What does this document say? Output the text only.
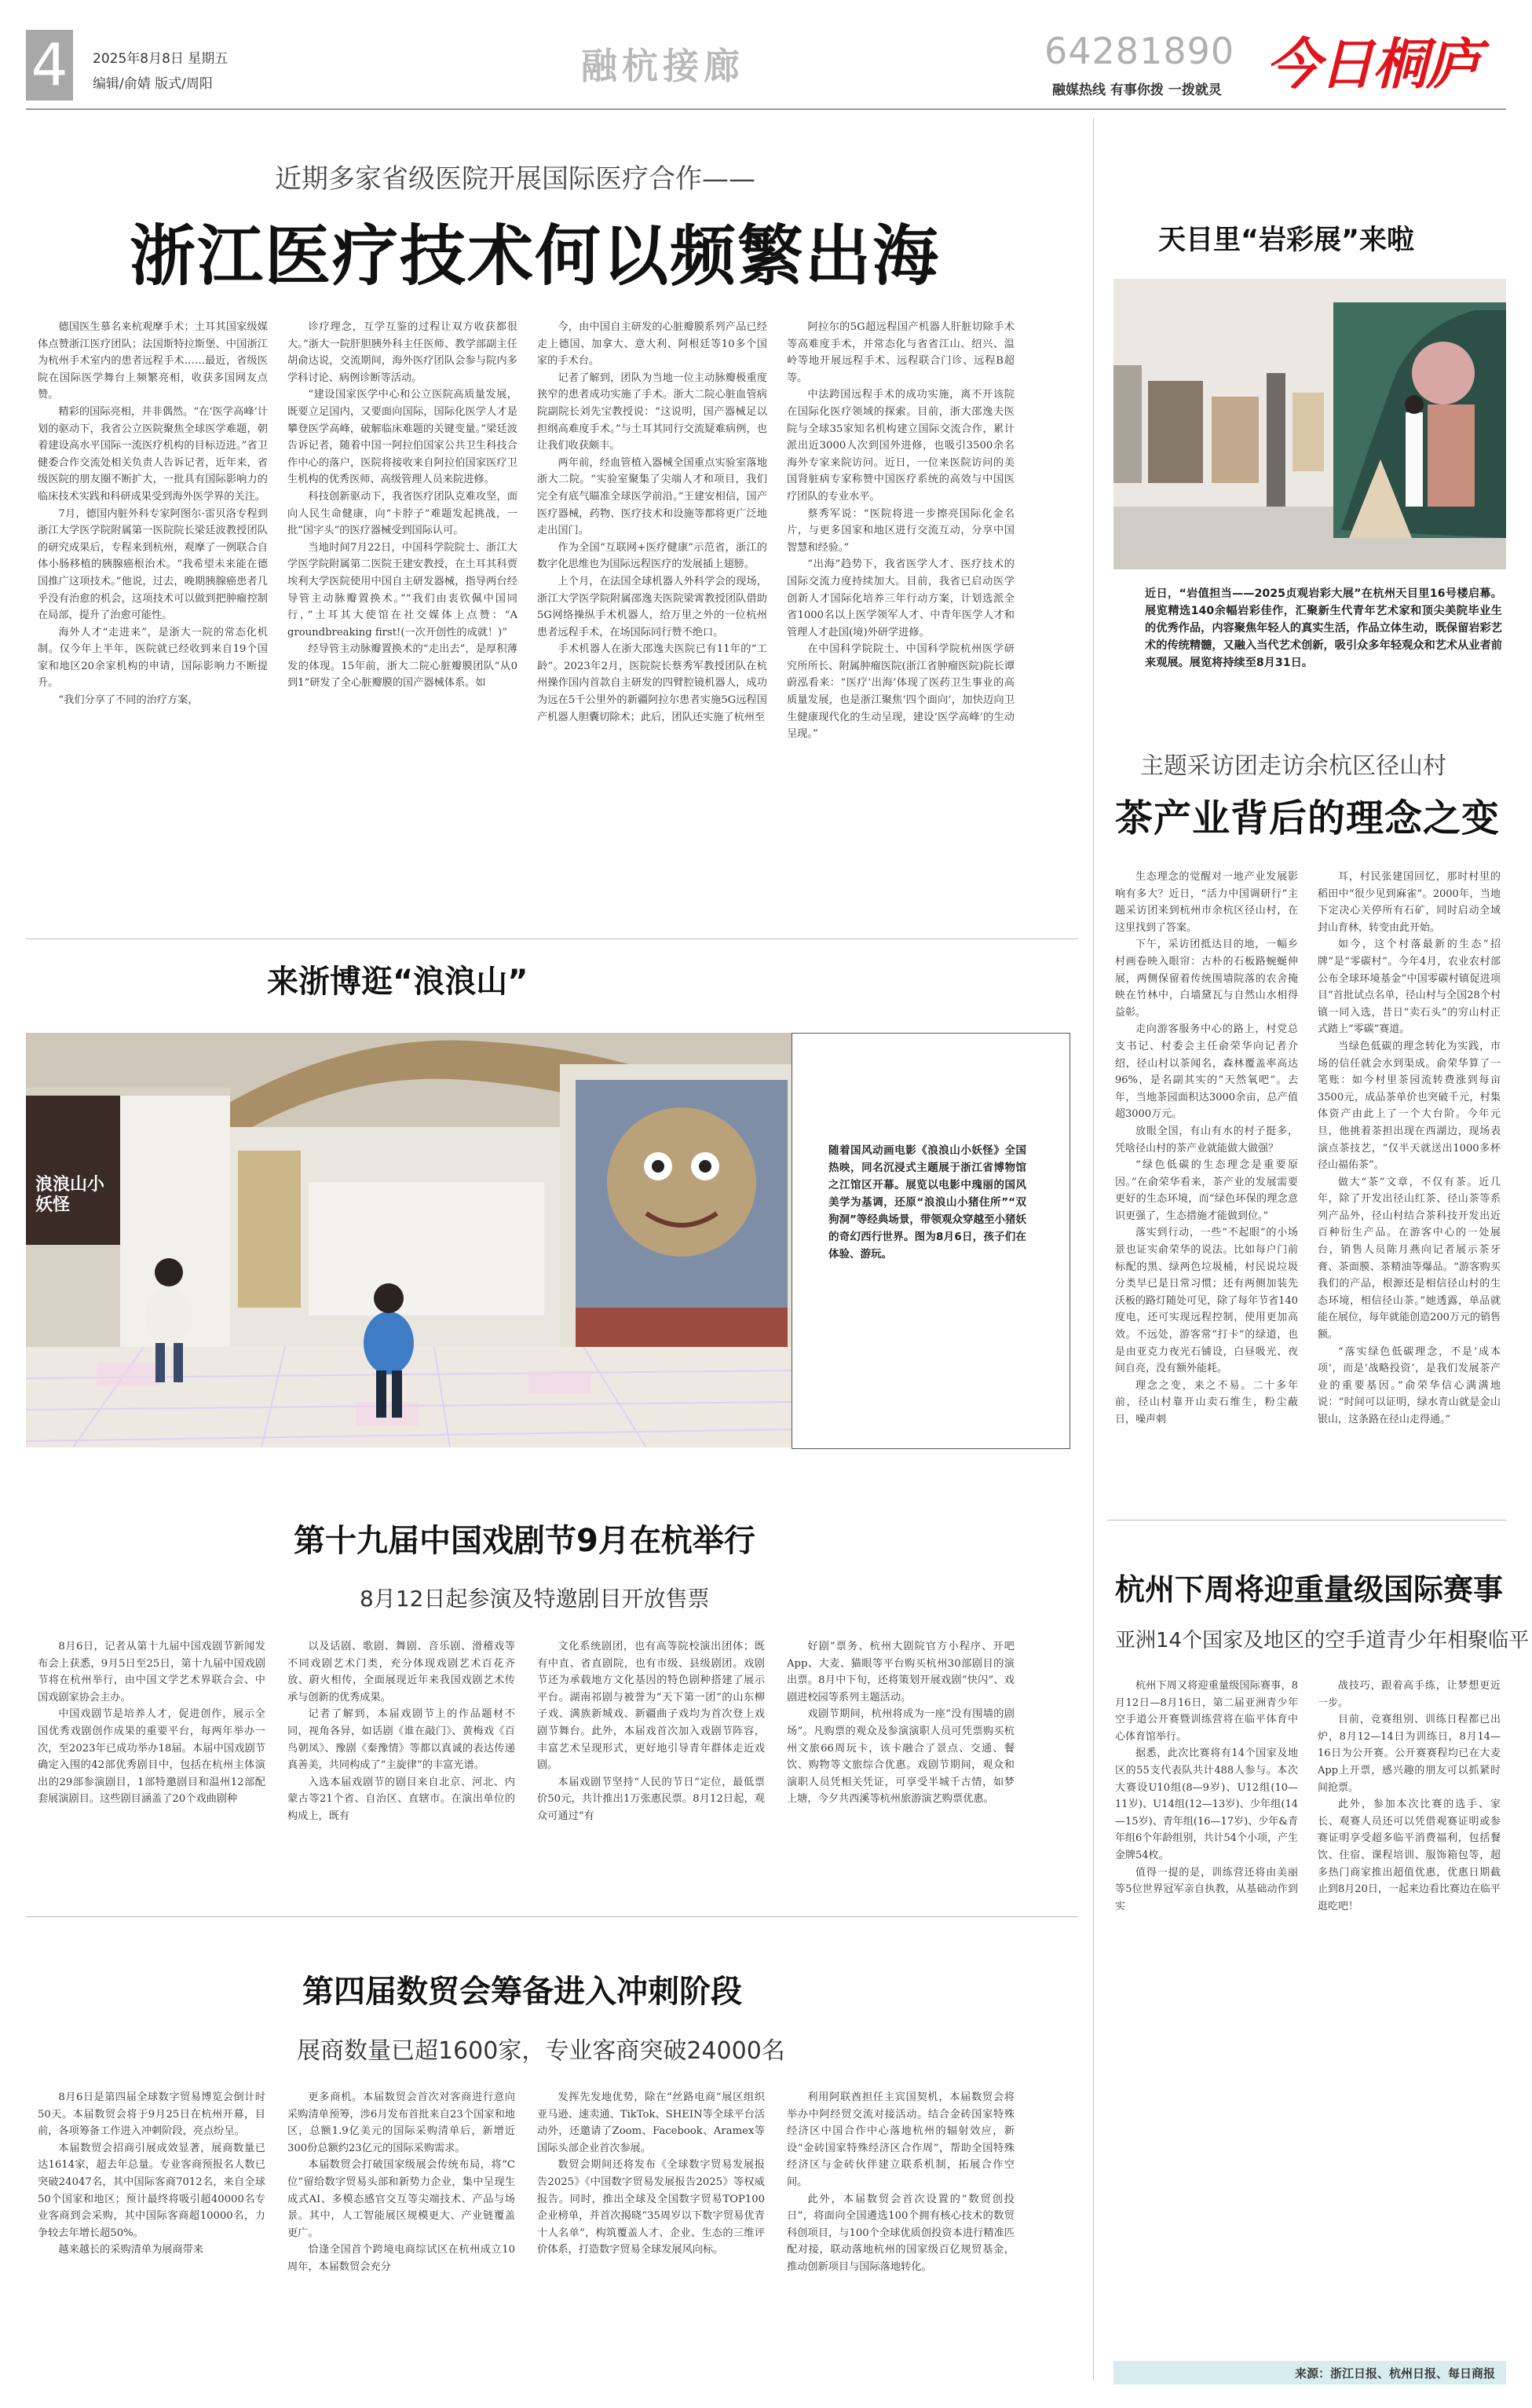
4	2025年8月8日 星期五
编辑/俞婧 版式/周阳	融杭接廊	64281890
融媒热线 有事你拨 一拨就灵 今日桐庐
近期多家省级医院开展国际医疗合作——
浙江医疗技术何以频繁出海

德国医生慕名来杭观摩手术；土耳其国家级媒体点赞浙江医疗团队；法国斯特拉斯堡、中国浙江为杭州手术室内的患者远程手术……最近，省级医院在国际医学舞台上频繁亮相，收获多国网友点赞。

精彩的国际亮相，并非偶然。“在‘医学高峰’计划的驱动下，我省公立医院聚焦全球医学难题，朝着建设高水平国际一流医疗机构的目标迈进。”省卫健委合作交流处相关负责人告诉记者，近年来，省级医院的朋友圈不断扩大，一批具有国际影响力的临床技术实践和科研成果受到海外医学界的关注。

7月，德国内脏外科专家阿图尔·雷贝洛专程到浙江大学医学院附属第一医院院长梁廷波教授团队的研究成果后，专程来到杭州，观摩了一例联合自体小肠移植的胰腺癌根治术。“我希望未来能在德国推广这项技术。”他说，过去，晚期胰腺癌患者几乎没有治愈的机会，这项技术可以做到把肿瘤控制在局部，提升了治愈可能性。

海外人才“走进来”，是浙大一院的常态化机制。仅今年上半年，医院就已经收到来自19个国家和地区20余家机构的申请，国际影响力不断提升。

“我们分享了不同的治疗方案，

诊疗理念，互学互鉴的过程让双方收获都很大。”浙大一院肝胆胰外科主任医师、教学部副主任胡俞达说，交流期间，海外医疗团队会参与院内多学科讨论、病例诊断等活动。

“建设国家医学中心和公立医院高质量发展，既要立足国内，又要面向国际，国际化医学人才是攀登医学高峰，破解临床难题的关键变量。”梁廷波告诉记者，随着中国一阿拉伯国家公共卫生科技合作中心的落户，医院将接收来自阿拉伯国家医疗卫生机构的优秀医师、高级管理人员来院进修。

科技创新驱动下，我省医疗团队克难攻坚，面向人民生命健康，向“卡脖子”难题发起挑战，一批“国字头”的医疗器械受到国际认可。

当地时间7月22日，中国科学院院士、浙江大学医学院附属第二医院王建安教授，在土耳其科贾埃利大学医院使用中国自主研发器械，指导两台经导管主动脉瓣置换术。”“我们由衷钦佩中国同行，”土耳其大使馆在社交媒体上点赞：“A groundbreaking first!(一次开创性的成就！)”

经导管主动脉瓣置换术的“走出去”，是厚积薄发的体现。15年前，浙大二院心脏瓣膜团队“从0到1”研发了全心脏瓣膜的国产器械体系。如

今，由中国自主研发的心脏瓣膜系列产品已经走上德国、加拿大、意大利、阿根廷等10多个国家的手术台。

记者了解到，团队为当地一位主动脉瓣极重度狭窄的患者成功实施了手术。浙大二院心脏血管病院副院长刘先宝教授说：“这说明，国产器械足以担纲高难度手术。”与土耳其同行交流疑难病例，也让我们收获颇丰。

两年前，经血管植入器械全国重点实验室落地浙大二院。“实验室聚集了尖端人才和项目，我们完全有底气瞄准全球医学前沿。”王建安相信，国产医疗器械，药物、医疗技术和设施等都将更广泛地走出国门。

作为全国“互联网+医疗健康”示范省，浙江的数字化思维也为国际远程医疗的发展插上翅膀。

上个月，在法国全球机器人外科学会的现场，浙江大学医学院附属邵逸夫医院梁霄教授团队借助5G网络操纵手术机器人，给万里之外的一位杭州患者远程手术，在场国际同行赞不绝口。

手术机器人在浙大邵逸夫医院已有11年的“工龄”。2023年2月，医院院长蔡秀军教授团队在杭州操作国内首款自主研发的四臂腔镜机器人，成功为远在5千公里外的新疆阿拉尔患者实施5G远程国产机器人胆囊切除术；此后，团队还实施了杭州至

阿拉尔的5G超远程国产机器人肝脏切除手术等高难度手术，并常态化与省省江山、绍兴、温岭等地开展远程手术、远程联合门诊、远程B超等。

中法跨国远程手术的成功实施，离不开该院在国际化医疗领域的探索。目前，浙大邵逸夫医院与全球35家知名机构建立国际交流合作，累计派出近3000人次到国外进修，也吸引3500余名海外专家来院访问。近日，一位来医院访问的美国肾脏病专家称赞中国医疗系统的高效与中国医疗团队的专业水平。

蔡秀军说：“医院将进一步擦亮国际化金名片，与更多国家和地区进行交流互动，分享中国智慧和经验。”

“出海”趋势下，我省医学人才、医疗技术的国际交流力度持续加大。目前，我省已启动医学创新人才国际化培养三年行动方案，计划选派全省1000名以上医学领军人才、中青年医学人才和管理人才赴国(境)外研学进修。

在中国科学院院士、中国科学院杭州医学研究所所长、附属肿瘤医院(浙江省肿瘤医院)院长谭蔚泓看来：“医疗‘出海’体现了医药卫生事业的高质量发展，也是浙江聚焦‘四个面向’，加快迈向卫生健康现代化的生动呈现，建设‘医学高峰’的生动呈现。”

来浙博逛“浪浪山”
浪浪山小妖怪
随着国风动画电影《浪浪山小妖怪》全国热映，同名沉浸式主题展于浙江省博物馆之江馆区开幕。展览以电影中瑰丽的国风美学为基调，还原“浪浪山小猪住所”“双狗洞”等经典场景，带领观众穿越至小猪妖的奇幻西行世界。图为8月6日，孩子们在体验、游玩。
第十九届中国戏剧节9月在杭举行
8月12日起参演及特邀剧目开放售票

8月6日，记者从第十九届中国戏剧节新闻发布会上获悉，9月5日至25日，第十九届中国戏剧节将在杭州举行，由中国文学艺术界联合会、中国戏剧家协会主办。

中国戏剧节是培养人才，促进创作，展示全国优秀戏剧创作成果的重要平台，每两年举办一次，至2023年已成功举办18届。本届中国戏剧节确定入围的42部优秀剧目中，包括在杭州主体演出的29部参演剧目，1部特邀剧目和温州12部配套展演剧目。这些剧目涵盖了20个戏曲剧种

以及话剧、歌剧、舞剧、音乐剧、滑稽戏等不同戏剧艺术门类，充分体现戏剧艺术百花齐放、蔚火相传，全面展现近年来我国戏剧艺术传承与创新的优秀成果。

记者了解到，本届戏剧节上的作品题材不同，视角各异，如话剧《谁在敲门》、黄梅戏《百鸟朝凤》、豫剧《秦豫情》等都以真诚的表达传递真善美，共同构成了“主旋律”的丰富光谱。

入选本届戏剧节的剧目来自北京、河北、内蒙古等21个省、自治区、直辖市。在演出单位的构成上，既有

文化系统剧团，也有高等院校演出团体；既有中直、省直剧院，也有市级、县级剧团。戏剧节还为承载地方文化基因的特色剧种搭建了展示平台。湖南祁剧与被誉为“天下第一团”的山东柳子戏、满族新城戏、新疆曲子戏均为首次登上戏剧节舞台。此外，本届戏首次加入戏剧节阵容，丰富艺术呈现形式，更好地引导青年群体走近戏剧。

本届戏剧节坚持“人民的节日”定位，最低票价50元，共计推出1万张惠民票。8月12日起，观众可通过“有

好剧”票务、杭州大剧院官方小程序、开吧App、大麦、猫眼等平台购买杭州30部剧目的演出票。8月中下旬，还将策划开展戏剧“快闪”、戏剧进校园等系列主题活动。

戏剧节期间，杭州将成为一座“没有围墙的剧场”。凡购票的观众及参演演职人员可凭票购买杭州文旅66周玩卡，该卡融合了景点、交通、餐饮、购物等文旅综合优惠。戏剧节期间，观众和演职人员凭相关凭证，可享受半城千古情，如梦上塘，今夕共西溪等杭州旅游演艺购票优惠。

第四届数贸会筹备进入冲刺阶段
展商数量已超1600家，专业客商突破24000名

8月6日是第四届全球数字贸易博览会倒计时50天。本届数贸会将于9月25日在杭州开幕，目前，各项筹备工作进入冲刺阶段，亮点纷呈。

本届数贸会招商引展成效显著，展商数量已达1614家，超去年总量。专业客商预报名人数已突破24047名，其中国际客商7012名，来自全球50个国家和地区；预计最终将吸引超40000名专业客商到会采购，其中国际客商超10000名，力争较去年增长超50%。

越来越长的采购清单为展商带来

更多商机。本届数贸会首次对客商进行意向采购清单预筹，涉6月发布首批来自23个国家和地区，总额1.9亿美元的国际采购清单后，新增近300份总额约23亿元的国际采购需求。

本届数贸会打破国家级展会传统布局，将“C位”留给数字贸易头部和新势力企业，集中呈现生成式AI、多模态感官交互等尖端技术、产品与场景。其中，人工智能展区规模更大、产业链覆盖更广。

恰逢全国首个跨境电商综试区在杭州成立10周年，本届数贸会充分

发挥先发地优势，除在“丝路电商”展区组织亚马逊、速卖通、TikTok、SHEIN等全球平台活动外，还邀请了Zoom、Facebook、Aramex等国际头部企业首次参展。

数贸会期间还将发布《全球数字贸易发展报告2025》《中国数字贸易发展报告2025》等权威报告。同时，推出全球及全国数字贸易TOP100企业榜单，并首次揭晓“35周岁以下数字贸易优青十人名单”，构筑覆盖人才、企业、生态的三维评价体系，打造数字贸易全球发展风向标。

利用阿联酋担任主宾国契机，本届数贸会将举办中阿经贸交流对接活动。结合金砖国家特殊经济区中国合作中心落地杭州的辐射效应，新设“金砖国家特殊经济区合作周”，帮助全国特殊经济区与金砖伙伴建立联系机制，拓展合作空间。

此外，本届数贸会首次设置的“数贸创投日”，将面向全国遴选100个拥有核心技术的数贸科创项目，与100个全球优质创投资本进行精准匹配对接，联动落地杭州的国家级百亿规贸基金，推动创新项目与国际落地转化。

天目里“岩彩展”来啦
近日，“岩值担当——2025贞观岩彩大展”在杭州天目里16号楼启幕。展览精选140余幅岩彩佳作，汇聚新生代青年艺术家和顶尖美院毕业生的优秀作品，内容聚焦年轻人的真实生活，作品立体生动，既保留岩彩艺术的传统精髓，又融入当代艺术创新，吸引众多年轻观众和艺术从业者前来观展。展览将持续至8月31日。
主题采访团走访余杭区径山村
茶产业背后的理念之变

生态理念的觉醒对一地产业发展影响有多大？近日，“活力中国调研行”主题采访团来到杭州市余杭区径山村，在这里找到了答案。

下午，采访团抵达目的地，一幅乡村画卷映入眼帘：古朴的石板路蜿蜒伸展，两侧保留着传统围墙院落的农舍掩映在竹林中，白墙黛瓦与自然山水相得益彰。

走向游客服务中心的路上，村党总支书记、村委会主任俞荣华向记者介绍，径山村以茶闻名，森林覆盖率高达96%，是名副其实的“天然氧吧”。去年，当地茶园面积达3000余亩，总产值超3000万元。

放眼全国，有山有水的村子挺多，凭啥径山村的茶产业就能做大做强？

“绿色低碳的生态理念是重要原因。”在俞荣华看来，茶产业的发展需要更好的生态环境，而“绿色环保的理念意识更强了，生态措施才能做到位。”

落实到行动，一些“不起眼”的小场景也证实俞荣华的说法。比如每户门前标配的黑、绿两色垃圾桶，村民说垃圾分类早已是日常习惯；还有两侧加装先沃板的路灯随处可见，除了每年节省140度电，还可实现远程控制，使用更加高效。不远处，游客常“打卡”的绿道，也是由亚克力夜光石铺设，白昼吸光、夜间自亮，没有额外能耗。

理念之变，来之不易。二十多年前，径山村靠开山卖石维生，粉尘蔽日，噪声刺

耳，村民张建国回忆，那时村里的稻田中“很少见到麻雀”。2000年，当地下定决心关停所有石矿，同时启动全域封山育林，转变由此开始。

如今，这个村落最新的生态“招牌”是“零碳村”。今年4月，农业农村部公布全球环境基金“中国零碳村镇促进项目”首批试点名单，径山村与全国28个村镇一同入选，昔日“卖石头”的穷山村正式踏上“零碳”赛道。

当绿色低碳的理念转化为实践，市场的信任就会水到渠成。俞荣华算了一笔账：如今村里茶园流转费涨到每亩3500元，成品茶单价也突破千元，村集体资产由此上了一个大台阶。今年元旦，他挑着茶担出现在西湖边，现场表演点茶技艺，“仅半天就送出1000多杯径山福佑茶”。

做大“茶”文章，不仅有茶。近几年，除了开发出径山红茶、径山茶等系列产品外，径山村结合茶科技开发出近百种衍生产品。在游客中心的一处展台，销售人员陈月燕向记者展示茶牙膏、茶面膜、茶精油等爆品。“游客购买我们的产品，根源还是相信径山村的生态环境，相信径山茶。”她透露，单品就能在展位，每年就能创造200万元的销售额。

“落实绿色低碳理念，不是‘成本项’，而是‘战略投资’，是我们发展茶产业的重要基因。”俞荣华信心满满地说：“时间可以证明，绿水青山就是金山银山，这条路在径山走得通。”

杭州下周将迎重量级国际赛事
亚洲14个国家及地区的空手道青少年相聚临平

杭州下周又将迎重量级国际赛事，8月12日—8月16日，第二届亚洲青少年空手道公开赛暨训练营将在临平体育中心体育馆举行。

据悉，此次比赛将有14个国家及地区的55支代表队共计488人参与。本次大赛设U10组(8—9岁)、U12组(10—11岁)、U14组(12—13岁)、少年组(14—15岁)、青年组(16—17岁)、少年&青年组6个年龄组别，共计54个小项，产生金牌54枚。

值得一提的是，训练营还将由美丽等5位世界冠军亲自执教，从基础动作到实

战技巧，跟着高手练，让梦想更近一步。

目前，竞赛组别、训练日程都已出炉，8月12—14日为训练日，8月14—16日为公开赛。公开赛赛程均已在大麦App上开票，感兴趣的朋友可以抓紧时间抢票。

此外，参加本次比赛的选手、家长、观赛人员还可以凭借观赛证明或参赛证明享受超多临平消费福利，包括餐饮、住宿、课程培训、服饰箱包等，超多热门商家推出超值优惠，优惠日期截止到8月20日，一起来边看比赛边在临平逛吃吧！

来源：浙江日报、杭州日报、每日商报
